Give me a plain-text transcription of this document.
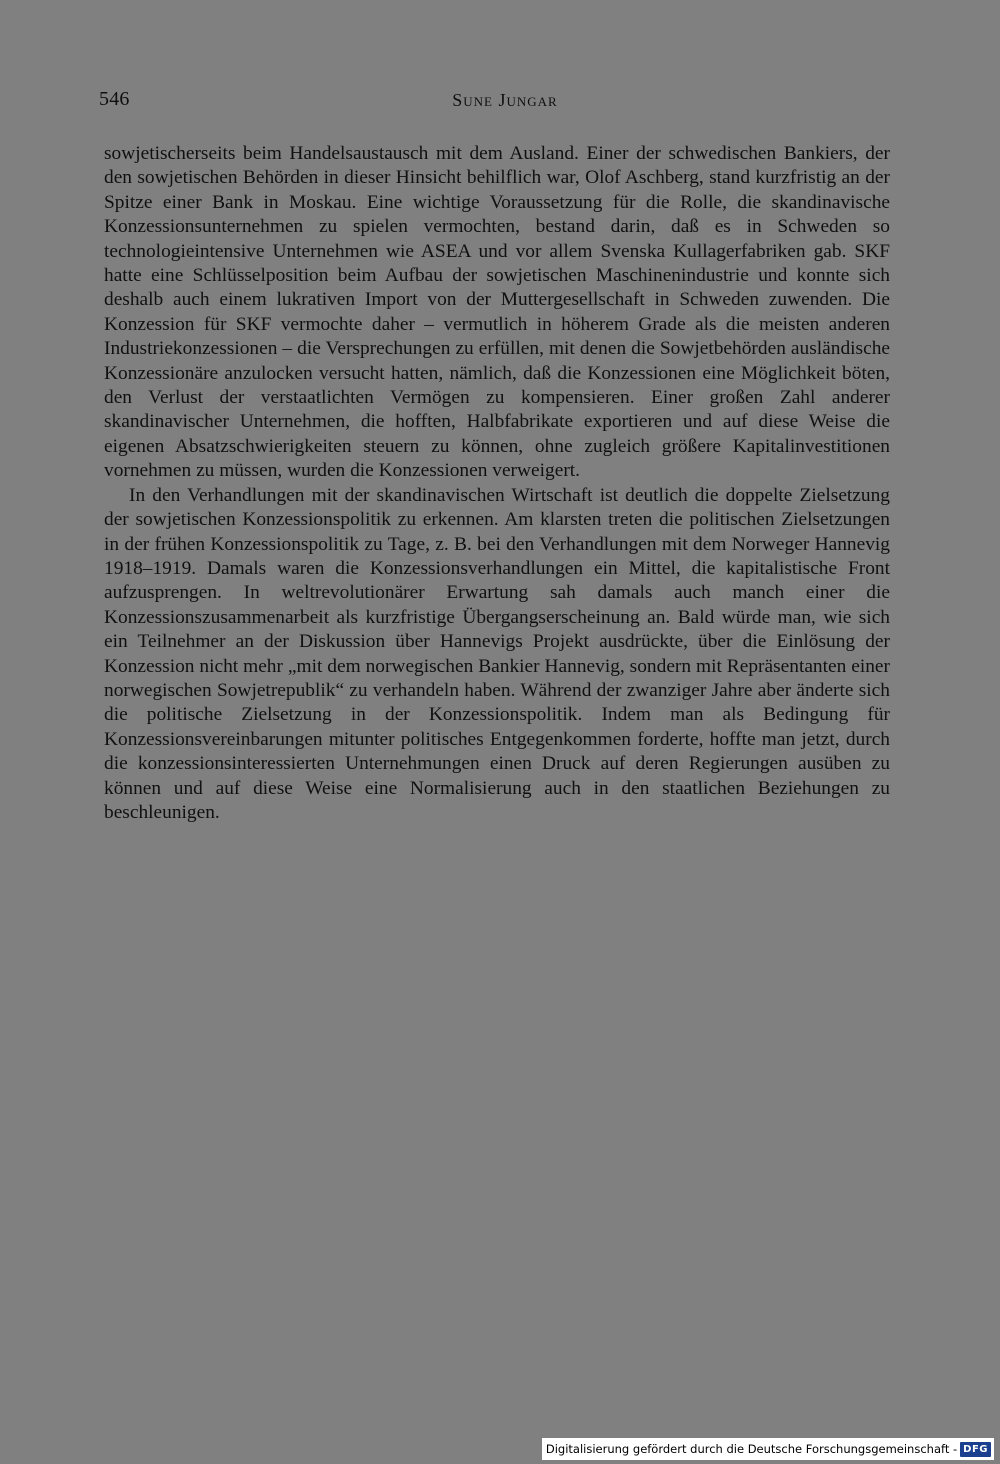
546	Sune Jungar

sowjetischerseits beim Handelsaustausch mit dem Ausland. Einer der schwedischen Bankiers, der den sowjetischen Behörden in dieser Hinsicht behilflich war, Olof Aschberg, stand kurzfristig an der Spitze einer Bank in Moskau. Eine wichtige Voraussetzung für die Rolle, die skandinavische Konzessionsunternehmen zu spielen vermochten, bestand darin, daß es in Schweden so technologieintensive Unternehmen wie ASEA und vor allem Svenska Kullagerfabriken gab. SKF hatte eine Schlüsselposition beim Aufbau der sowjetischen Maschinenindustrie und konnte sich deshalb auch einem lukrativen Import von der Muttergesellschaft in Schweden zuwenden. Die Konzession für SKF vermochte daher – vermutlich in höherem Grade als die meisten anderen Industriekonzessionen – die Versprechungen zu erfüllen, mit denen die Sowjetbehörden ausländische Konzessionäre anzulocken versucht hatten, nämlich, daß die Konzessionen eine Möglichkeit böten, den Verlust der verstaatlichten Vermögen zu kompensieren. Einer großen Zahl anderer skandinavischer Unternehmen, die hofften, Halbfabrikate exportieren und auf diese Weise die eigenen Absatzschwierigkeiten steuern zu können, ohne zugleich größere Kapitalinvestitionen vornehmen zu müssen, wurden die Konzessionen verweigert.

In den Verhandlungen mit der skandinavischen Wirtschaft ist deutlich die doppelte Zielsetzung der sowjetischen Konzessionspolitik zu erkennen. Am klarsten treten die politischen Zielsetzungen in der frühen Konzessionspolitik zu Tage, z. B. bei den Verhandlungen mit dem Norweger Hannevig 1918–1919. Damals waren die Konzessionsverhandlungen ein Mittel, die kapitalistische Front aufzusprengen. In weltrevolutionärer Erwartung sah damals auch manch einer die Konzessionszusammenarbeit als kurzfristige Übergangserscheinung an. Bald würde man, wie sich ein Teilnehmer an der Diskussion über Hannevigs Projekt ausdrückte, über die Einlösung der Konzession nicht mehr „mit dem norwegischen Bankier Hannevig, sondern mit Repräsentanten einer norwegischen Sowjetrepublik“ zu verhandeln haben. Während der zwanziger Jahre aber änderte sich die politische Zielsetzung in der Konzessionspolitik. Indem man als Bedingung für Konzessionsvereinbarungen mitunter politisches Entgegenkommen forderte, hoffte man jetzt, durch die konzessionsinteressierten Unternehmungen einen Druck auf deren Regierungen ausüben zu können und auf diese Weise eine Normalisierung auch in den staatlichen Beziehungen zu beschleunigen.

Digitalisierung gefördert durch die Deutsche Forschungsgemeinschaft - DFG
